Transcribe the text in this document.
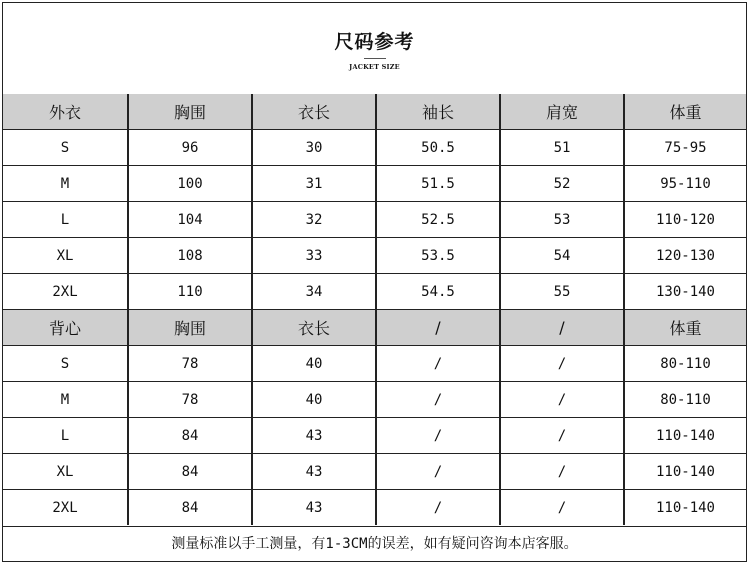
尺码参考
JACKET SIZE
外衣	胸围	衣长	袖长	肩宽	体重
S	96	30	50.5	51	75-95
M	100	31	51.5	52	95-110
L	104	32	52.5	53	110-120
XL	108	33	53.5	54	120-130
2XL	110	34	54.5	55	130-140
背心	胸围	衣长	/	/	体重
S	78	40	/	/	80-110
M	78	40	/	/	80-110
L	84	43	/	/	110-140
XL	84	43	/	/	110-140
2XL	84	43	/	/	110-140
测量标准以手工测量，有1-3CM的误差，如有疑问咨询本店客服。
